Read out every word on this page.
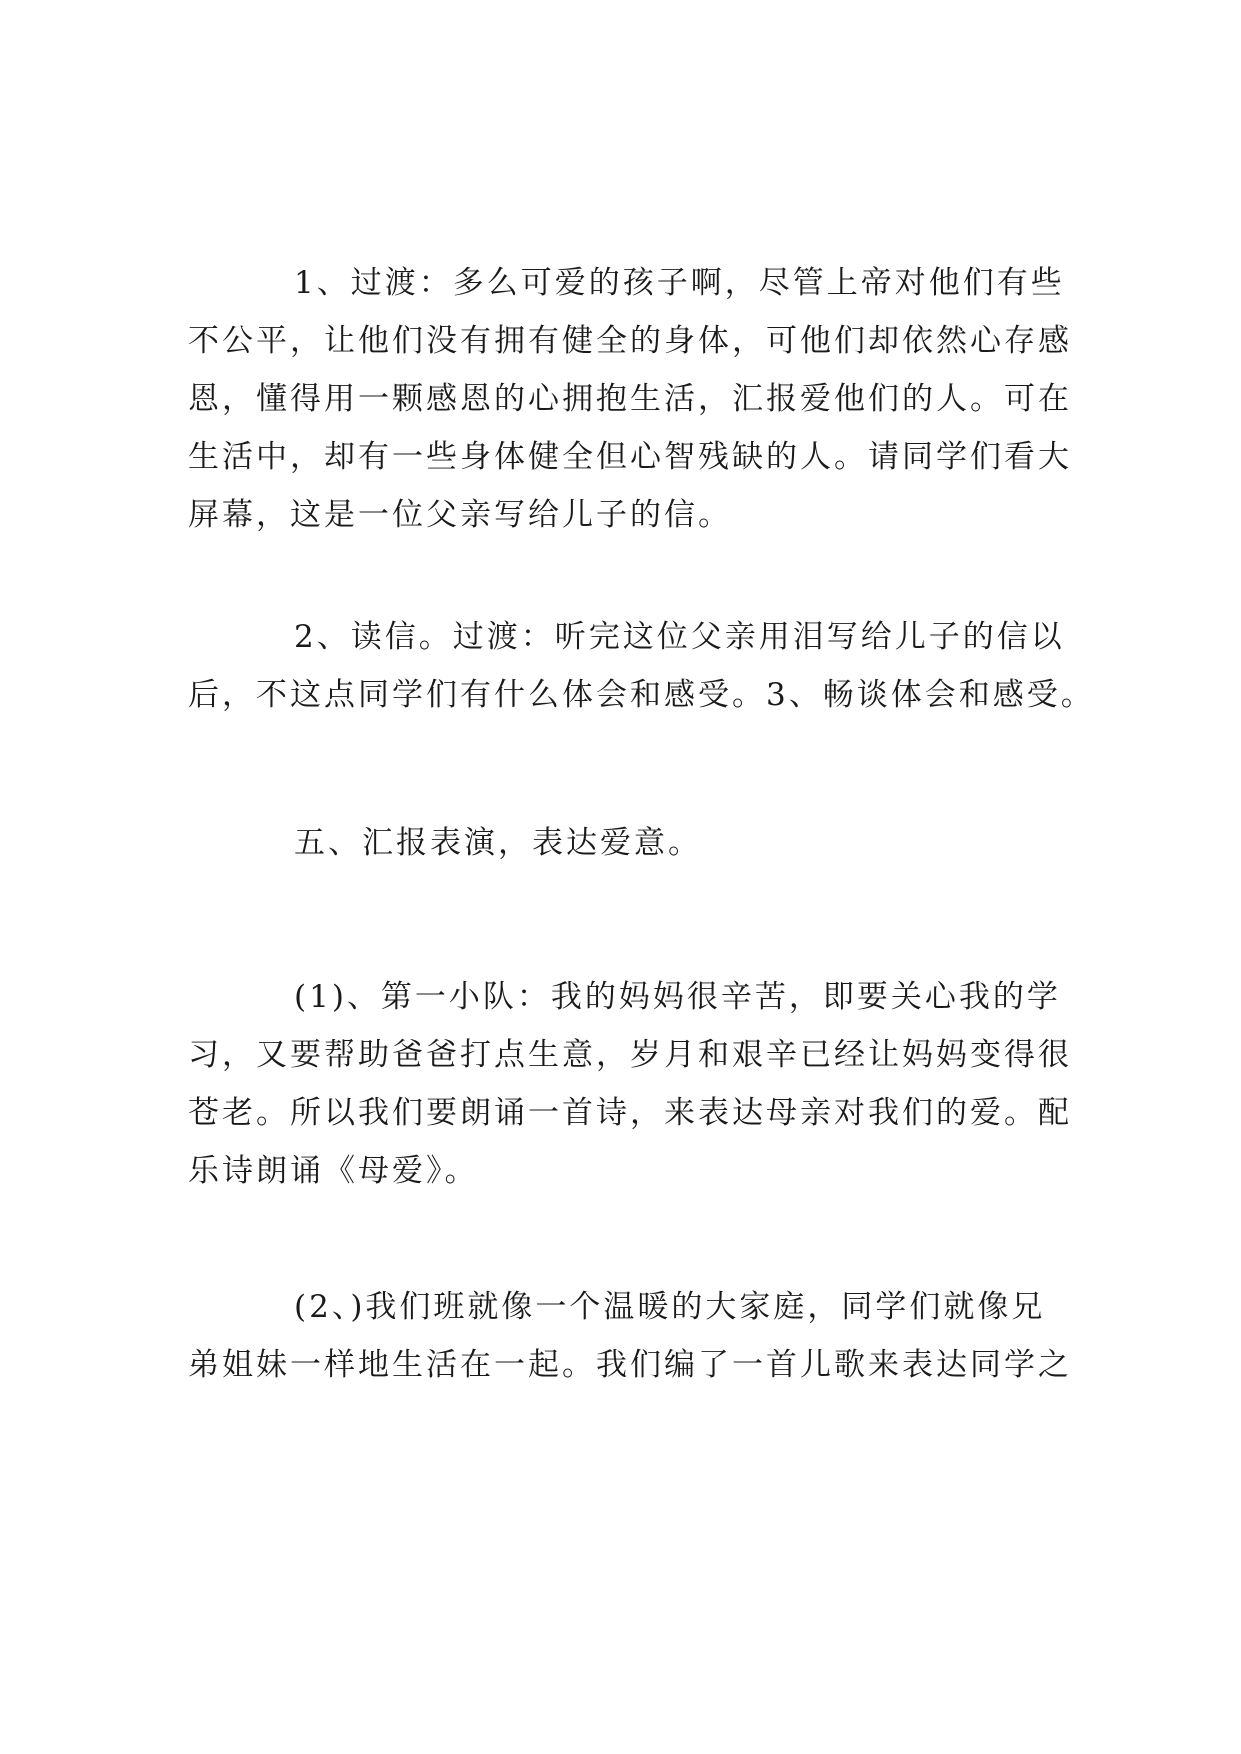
1、过渡：多么可爱的孩子啊，尽管上帝对他们有些
不公平，让他们没有拥有健全的身体，可他们却依然心存感
恩，懂得用一颗感恩的心拥抱生活，汇报爱他们的人。可在
生活中，却有一些身体健全但心智残缺的人。请同学们看大
屏幕，这是一位父亲写给儿子的信。
2、读信。过渡：听完这位父亲用泪写给儿子的信以
后，不这点同学们有什么体会和感受。3、畅谈体会和感受。
五、汇报表演，表达爱意。
(1)、第一小队：我的妈妈很辛苦，即要关心我的学
习，又要帮助爸爸打点生意，岁月和艰辛已经让妈妈变得很
苍老。所以我们要朗诵一首诗，来表达母亲对我们的爱。配
乐诗朗诵《母爱》。
(2、)我们班就像一个温暖的大家庭，同学们就像兄
弟姐妹一样地生活在一起。我们编了一首儿歌来表达同学之
